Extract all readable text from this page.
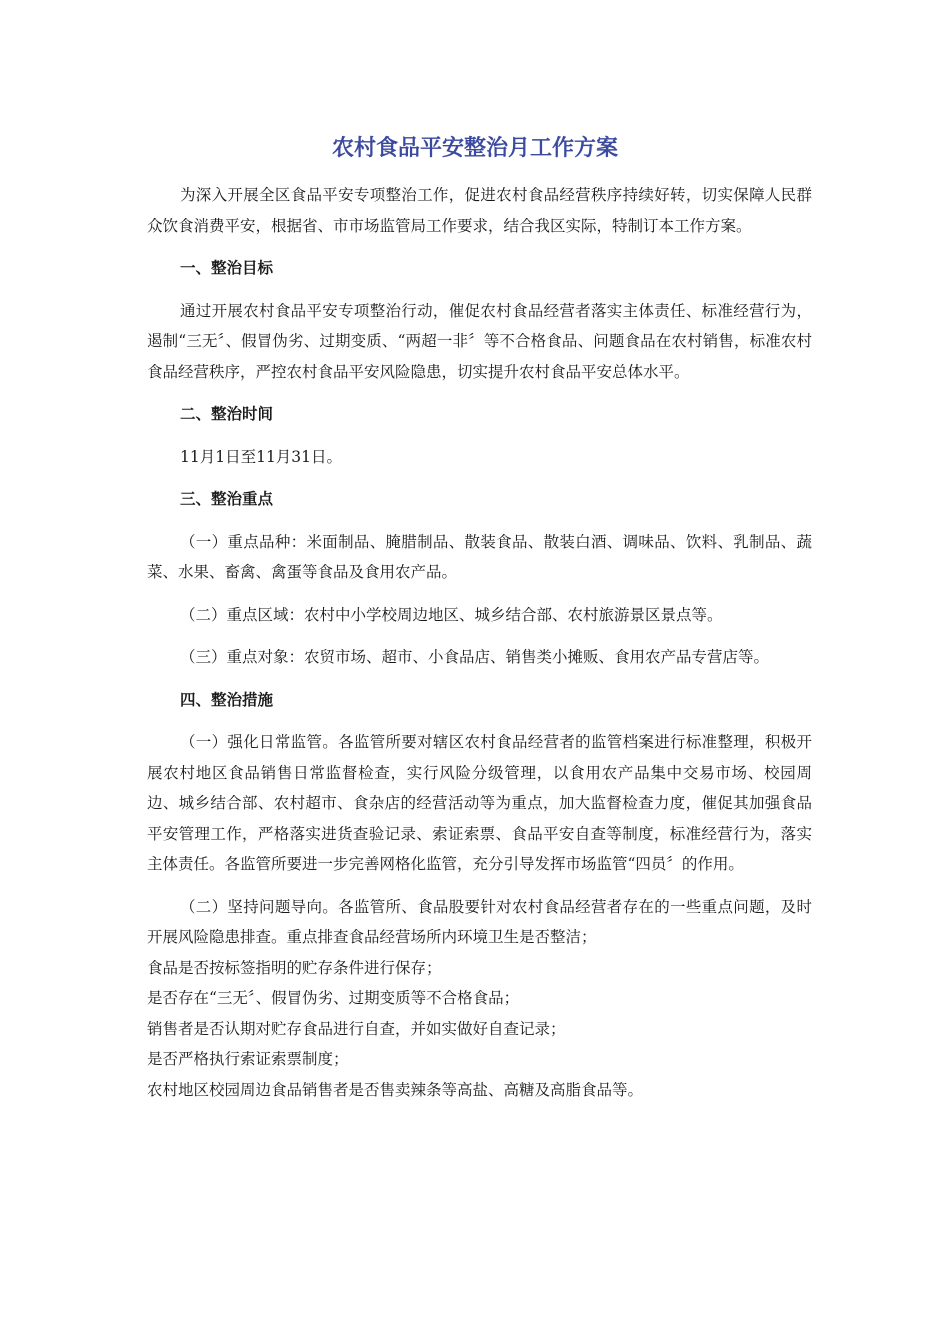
农村食品平安整治月工作方案

为深入开展全区食品平安专项整治工作，促进农村食品经营秩序持续好转，切实保障人民群众饮食消费平安，根据省、市市场监管局工作要求，结合我区实际，特制订本工作方案。

一、整治目标

通过开展农村食品平安专项整治行动，催促农村食品经营者落实主体责任、标准经营行为，遏制“三无〞、假冒伪劣、过期变质、“两超一非〞等不合格食品、问题食品在农村销售，标准农村食品经营秩序，严控农村食品平安风险隐患，切实提升农村食品平安总体水平。

二、整治时间

11月1日至11月31日。

三、整治重点

（一）重点品种：米面制品、腌腊制品、散装食品、散装白酒、调味品、饮料、乳制品、蔬菜、水果、畜禽、禽蛋等食品及食用农产品。

（二）重点区域：农村中小学校周边地区、城乡结合部、农村旅游景区景点等。

（三）重点对象：农贸市场、超市、小食品店、销售类小摊贩、食用农产品专营店等。

四、整治措施

（一）强化日常监管。各监管所要对辖区农村食品经营者的监管档案进行标准整理，积极开展农村地区食品销售日常监督检查，实行风险分级管理，以食用农产品集中交易市场、校园周边、城乡结合部、农村超市、食杂店的经营活动等为重点，加大监督检查力度，催促其加强食品平安管理工作，严格落实进货查验记录、索证索票、食品平安自查等制度，标准经营行为，落实主体责任。各监管所要进一步完善网格化监管，充分引导发挥市场监管“四员〞的作用。

（二）坚持问题导向。各监管所、食品股要针对农村食品经营者存在的一些重点问题，及时开展风险隐患排查。重点排查食品经营场所内环境卫生是否整洁；

食品是否按标签指明的贮存条件进行保存；

是否存在“三无〞、假冒伪劣、过期变质等不合格食品；

销售者是否认期对贮存食品进行自查，并如实做好自查记录；

是否严格执行索证索票制度；

农村地区校园周边食品销售者是否售卖辣条等高盐、高糖及高脂食品等。
